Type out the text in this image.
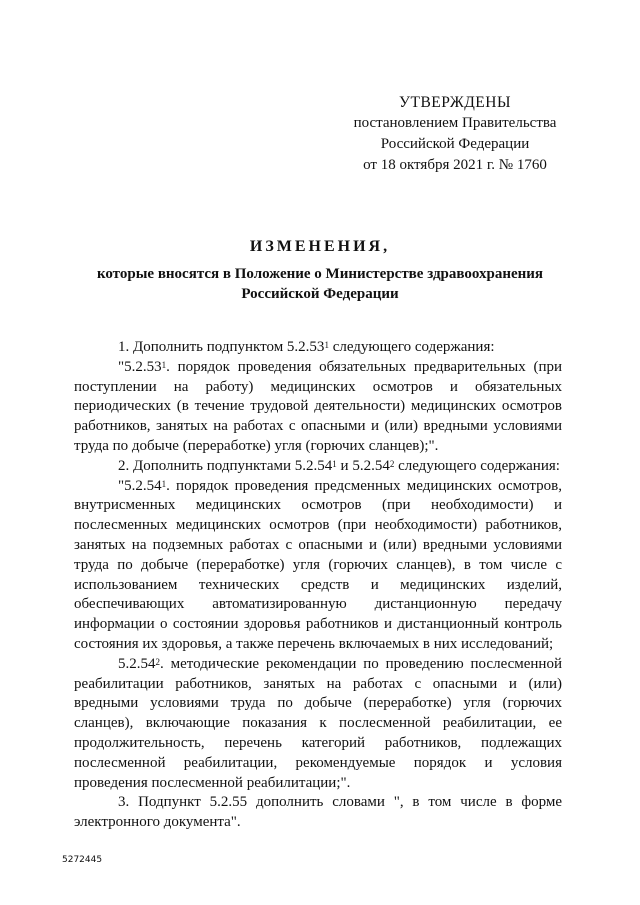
УТВЕРЖДЕНЫ
постановлением Правительства
Российской Федерации
от 18 октября 2021 г. № 1760
ИЗМЕНЕНИЯ,
которые вносятся в Положение о Министерстве здравоохранения
Российской Федерации

1. Дополнить подпунктом 5.2.53$^1$ следующего содержания:

"5.2.53$^1$. порядок проведения обязательных предварительных (при поступлении на работу) медицинских осмотров и обязательных периодических (в течение трудовой деятельности) медицинских осмотров работников, занятых на работах с опасными и (или) вредными условиями труда по добыче (переработке) угля (горючих сланцев);".

2. Дополнить подпунктами 5.2.54$^1$ и 5.2.54$^2$ следующего содержания:

"5.2.54$^1$. порядок проведения предсменных медицинских осмотров, внутрисменных медицинских осмотров (при необходимости) и послесменных медицинских осмотров (при необходимости) работников, занятых на подземных работах с опасными и (или) вредными условиями труда по добыче (переработке) угля (горючих сланцев), в том числе с использованием технических средств и медицинских изделий, обеспечивающих автоматизированную дистанционную передачу информации о состоянии здоровья работников и дистанционный контроль состояния их здоровья, а также перечень включаемых в них исследований;

5.2.54$^2$. методические рекомендации по проведению послесменной реабилитации работников, занятых на работах с опасными и (или) вредными условиями труда по добыче (переработке) угля (горючих сланцев), включающие показания к послесменной реабилитации, ее продолжительность, перечень категорий работников, подлежащих послесменной реабилитации, рекомендуемые порядок и условия проведения послесменной реабилитации;".

3. Подпункт 5.2.55 дополнить словами ", в том числе в форме электронного документа".

5272445
